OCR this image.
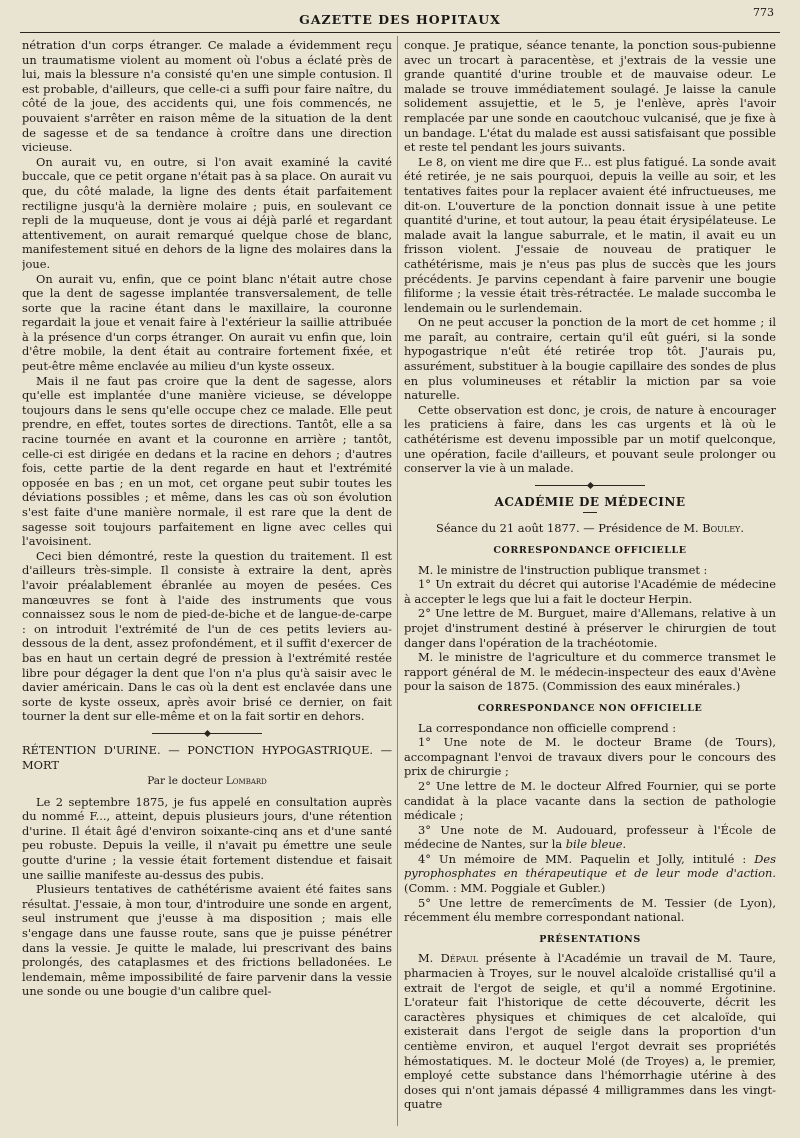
GAZETTE DES HOPITAUX	773

nétration d'un corps étranger. Ce malade a évidemment reçu un traumatisme violent au moment où l'obus a éclaté près de lui, mais la blessure n'a consisté qu'en une simple contusion. Il est probable, d'ailleurs, que celle-ci a suffi pour faire naître, du côté de la joue, des accidents qui, une fois commencés, ne pouvaient s'arrêter en raison même de la situation de la dent de sagesse et de sa tendance à croître dans une direction vicieuse.

On aurait vu, en outre, si l'on avait examiné la cavité buccale, que ce petit organe n'était pas à sa place. On aurait vu que, du côté malade, la ligne des dents était parfaitement rectiligne jusqu'à la dernière molaire ; puis, en soulevant ce repli de la muqueuse, dont je vous ai déjà parlé et regardant attentivement, on aurait remarqué quelque chose de blanc, manifestement situé en dehors de la ligne des molaires dans la joue.

On aurait vu, enfin, que ce point blanc n'était autre chose que la dent de sagesse implantée transversalement, de telle sorte que la racine étant dans le maxillaire, la couronne regardait la joue et venait faire à l'extérieur la saillie attribuée à la présence d'un corps étranger. On aurait vu enfin que, loin d'être mobile, la dent était au contraire fortement fixée, et peut-être même enclavée au milieu d'un kyste osseux.

Mais il ne faut pas croire que la dent de sagesse, alors qu'elle est implantée d'une manière vicieuse, se développe toujours dans le sens qu'elle occupe chez ce malade. Elle peut prendre, en effet, toutes sortes de directions. Tantôt, elle a sa racine tournée en avant et la couronne en arrière ; tantôt, celle-ci est dirigée en dedans et la racine en dehors ; d'autres fois, cette partie de la dent regarde en haut et l'extrémité opposée en bas ; en un mot, cet organe peut subir toutes les déviations possibles ; et même, dans les cas où son évolution s'est faite d'une manière normale, il est rare que la dent de sagesse soit toujours parfaitement en ligne avec celles qui l'avoisinent.

Ceci bien démontré, reste la question du traitement. Il est d'ailleurs très-simple. Il consiste à extraire la dent, après l'avoir préalablement ébranlée au moyen de pesées. Ces manœuvres se font à l'aide des instruments que vous connaissez sous le nom de pied-de-biche et de langue-de-carpe : on introduit l'extrémité de l'un de ces petits leviers au-dessous de la dent, assez profondément, et il suffit d'exercer de bas en haut un certain degré de pression à l'extrémité restée libre pour dégager la dent que l'on n'a plus qu'à saisir avec le davier américain. Dans le cas où la dent est enclavée dans une sorte de kyste osseux, après avoir brisé ce dernier, on fait tourner la dent sur elle-même et on la fait sortir en dehors.

RÉTENTION D'URINE. — PONCTION HYPOGASTRIQUE. — MORT

Par le docteur Lombard

Le 2 septembre 1875, je fus appelé en consultation auprès du nommé F..., atteint, depuis plusieurs jours, d'une rétention d'urine. Il était âgé d'environ soixante-cinq ans et d'une santé peu robuste. Depuis la veille, il n'avait pu émettre une seule goutte d'urine ; la vessie était fortement distendue et faisait une saillie manifeste au-dessus des pubis.

Plusieurs tentatives de cathétérisme avaient été faites sans résultat. J'essaie, à mon tour, d'introduire une sonde en argent, seul instrument que j'eusse à ma disposition ; mais elle s'engage dans une fausse route, sans que je puisse pénétrer dans la vessie. Je quitte le malade, lui prescrivant des bains prolongés, des cataplasmes et des frictions belladonées. Le lendemain, même impossibilité de faire parvenir dans la vessie une sonde ou une bougie d'un calibre quel-

conque. Je pratique, séance tenante, la ponction sous-pubienne avec un trocart à paracentèse, et j'extrais de la vessie une grande quantité d'urine trouble et de mauvaise odeur. Le malade se trouve immédiatement soulagé. Je laisse la canule solidement assujettie, et le 5, je l'enlève, après l'avoir remplacée par une sonde en caoutchouc vulcanisé, que je fixe à un bandage. L'état du malade est aussi satisfaisant que possible et reste tel pendant les jours suivants.

Le 8, on vient me dire que F... est plus fatigué. La sonde avait été retirée, je ne sais pourquoi, depuis la veille au soir, et les tentatives faites pour la replacer avaient été infructueuses, me dit-on. L'ouverture de la ponction donnait issue à une petite quantité d'urine, et tout autour, la peau était érysipélateuse. Le malade avait la langue saburrale, et le matin, il avait eu un frisson violent. J'essaie de nouveau de pratiquer le cathétérisme, mais je n'eus pas plus de succès que les jours précédents. Je parvins cependant à faire parvenir une bougie filiforme ; la vessie était très-rétractée. Le malade succomba le lendemain ou le surlendemain.

On ne peut accuser la ponction de la mort de cet homme ; il me paraît, au contraire, certain qu'il eût guéri, si la sonde hypogastrique n'eût été retirée trop tôt. J'aurais pu, assurément, substituer à la bougie capillaire des sondes de plus en plus volumineuses et rétablir la miction par sa voie naturelle.

Cette observation est donc, je crois, de nature à encourager les praticiens à faire, dans les cas urgents et là où le cathétérisme est devenu impossible par un motif quelconque, une opération, facile d'ailleurs, et pouvant seule prolonger ou conserver la vie à un malade.

ACADÉMIE DE MÉDECINE

Séance du 21 août 1877. — Présidence de M. Bouley.

CORRESPONDANCE OFFICIELLE

M. le ministre de l'instruction publique transmet :

1° Un extrait du décret qui autorise l'Académie de médecine à accepter le legs que lui a fait le docteur Herpin.

2° Une lettre de M. Burguet, maire d'Allemans, relative à un projet d'instrument destiné à préserver le chirurgien de tout danger dans l'opération de la trachéotomie.

M. le ministre de l'agriculture et du commerce transmet le rapport général de M. le médecin-inspecteur des eaux d'Avène pour la saison de 1875. (Commission des eaux minérales.)

CORRESPONDANCE NON OFFICIELLE

La correspondance non officielle comprend :

1° Une note de M. le docteur Brame (de Tours), accompagnant l'envoi de travaux divers pour le concours des prix de chirurgie ;

2° Une lettre de M. le docteur Alfred Fournier, qui se porte candidat à la place vacante dans la section de pathologie médicale ;

3° Une note de M. Audouard, professeur à l'École de médecine de Nantes, sur la bile bleue.

4° Un mémoire de MM. Paquelin et Jolly, intitulé : Des pyrophosphates en thérapeutique et de leur mode d'action. (Comm. : MM. Poggiale et Gubler.)

5° Une lettre de remercîments de M. Tessier (de Lyon), récemment élu membre correspondant national.

PRÉSENTATIONS

M. Dépaul présente à l'Académie un travail de M. Taure, pharmacien à Troyes, sur le nouvel alcaloïde cristallisé qu'il a extrait de l'ergot de seigle, et qu'il a nommé Ergotinine. L'orateur fait l'historique de cette découverte, décrit les caractères physiques et chimiques de cet alcaloïde, qui existerait dans l'ergot de seigle dans la proportion d'un centième environ, et auquel l'ergot devrait ses propriétés hémostatiques. M. le docteur Molé (de Troyes) a, le premier, employé cette substance dans l'hémorrhagie utérine à des doses qui n'ont jamais dépassé 4 milligrammes dans les vingt-quatre
